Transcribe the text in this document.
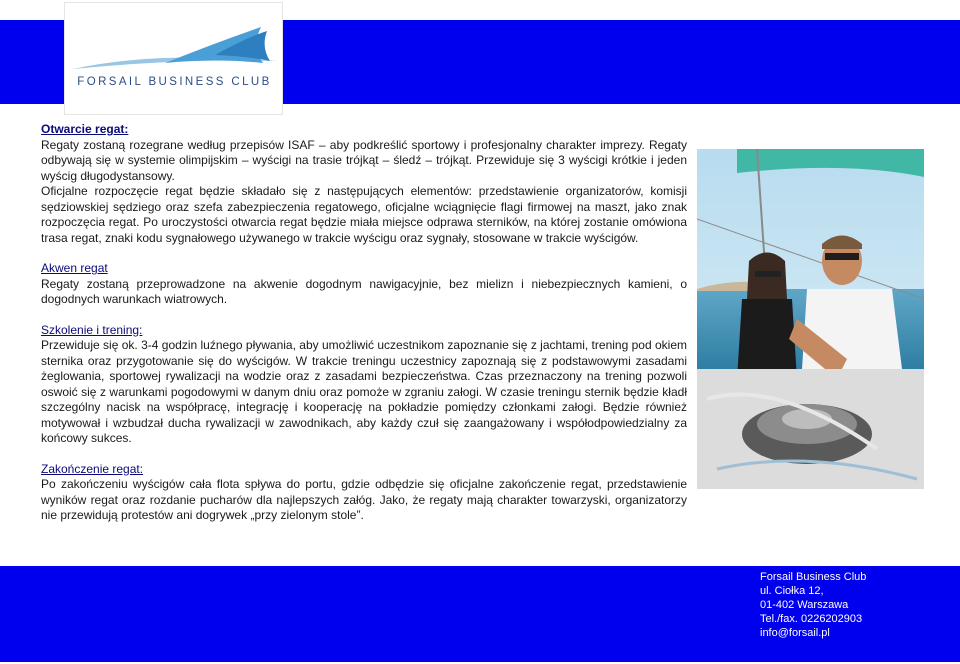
FORSAIL BUSINESS CLUB
Otwarcie regat:

Regaty zostaną rozegrane według przepisów ISAF – aby podkreślić sportowy i profesjonalny charakter imprezy. Regaty odbywają się w systemie olimpijskim – wyścigi na trasie trójkąt – śledź – trójkąt. Przewiduje się 3 wyścigi krótkie i jeden wyścig długodystansowy.

Oficjalne rozpoczęcie regat będzie składało się z następujących elementów: przedstawienie organizatorów, komisji sędziowskiej sędziego oraz szefa zabezpieczenia regatowego, oficjalne wciągnięcie flagi firmowej na maszt, jako znak rozpoczęcia regat. Po uroczystości otwarcia regat będzie miała miejsce odprawa sterników, na której zostanie omówiona trasa regat, znaki kodu sygnałowego używanego w trakcie wyścigu oraz sygnały, stosowane w trakcie wyścigów.

Akwen regat

Regaty zostaną przeprowadzone na akwenie dogodnym nawigacyjnie, bez mielizn i niebezpiecznych kamieni, o dogodnych warunkach wiatrowych.

Szkolenie i trening:

Przewiduje się ok. 3-4 godzin luźnego pływania, aby umożliwić uczestnikom zapoznanie się z jachtami, trening pod okiem sternika oraz przygotowanie się do wyścigów. W trakcie treningu uczestnicy zapoznają się z podstawowymi zasadami żeglowania, sportowej rywalizacji na wodzie oraz z zasadami bezpieczeństwa. Czas przeznaczony na trening pozwoli oswoić się z warunkami pogodowymi w danym dniu oraz pomoże w zgraniu załogi. W czasie treningu sternik będzie kładł szczególny nacisk na współpracę, integrację i kooperację na pokładzie pomiędzy członkami załogi. Będzie również motywował i wzbudzał ducha rywalizacji w zawodnikach, aby każdy czuł się zaangażowany i współodpowiedzialny za końcowy sukces.

Zakończenie regat:

Po zakończeniu wyścigów cała flota spływa do portu, gdzie odbędzie się oficjalne zakończenie regat, przedstawienie wyników regat oraz rozdanie pucharów dla najlepszych załóg. Jako, że regaty mają charakter towarzyski, organizatorzy nie przewidują protestów ani dogrywek „przy zielonym stole”.

Forsail Business Club
ul. Ciołka 12,
01-402 Warszawa
Tel./fax. 0226202903
info@forsail.pl
